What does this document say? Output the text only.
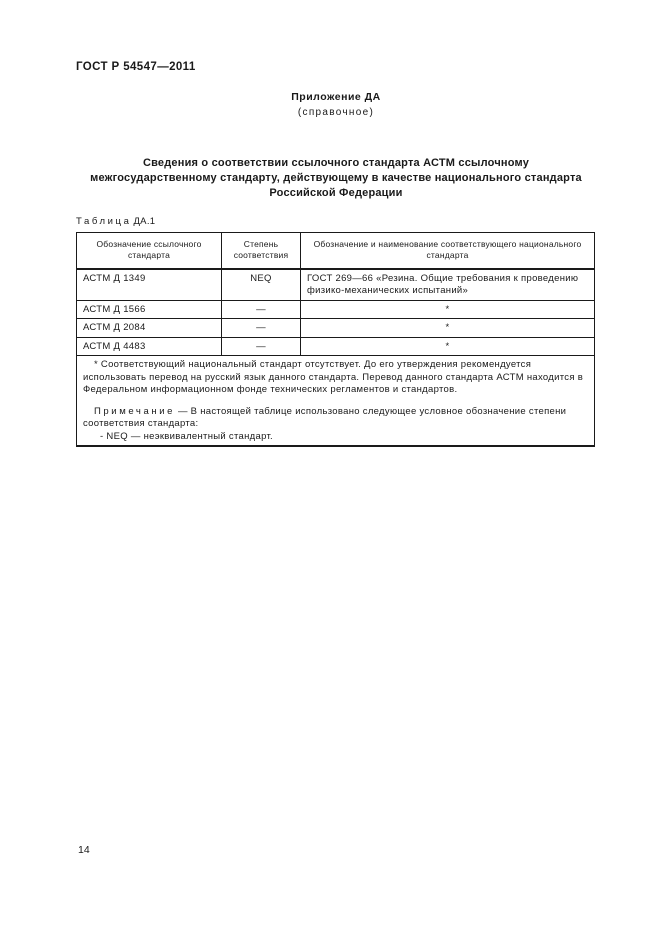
ГОСТ Р 54547—2011
Приложение ДА
(справочное)
Сведения о соответствии ссылочного стандарта АСТМ ссылочному
межгосударственному стандарту, действующему в качестве национального стандарта
Российской Федерации
Таблица ДА.1
Обозначение ссылочного стандарта	Степень соответствия	Обозначение и наименование соответствующего национального стандарта
АСТМ Д 1349	NEQ	ГОСТ 269—66 «Резина. Общие требования к проведению физико-механических испытаний»
АСТМ Д 1566	—	*
АСТМ Д 2084	—	*
АСТМ Д 4483	—	*

* Соответствующий национальный стандарт отсутствует. До его утверждения рекомендуется использовать перевод на русский язык данного стандарта. Перевод данного стандарта АСТМ находится в Федеральном информационном фонде технических регламентов и стандартов.

Примечание — В настоящей таблице использовано следующее условное обозначение степени соответствия стандарта:

- NEQ — неэквивалентный стандарт.		

14
